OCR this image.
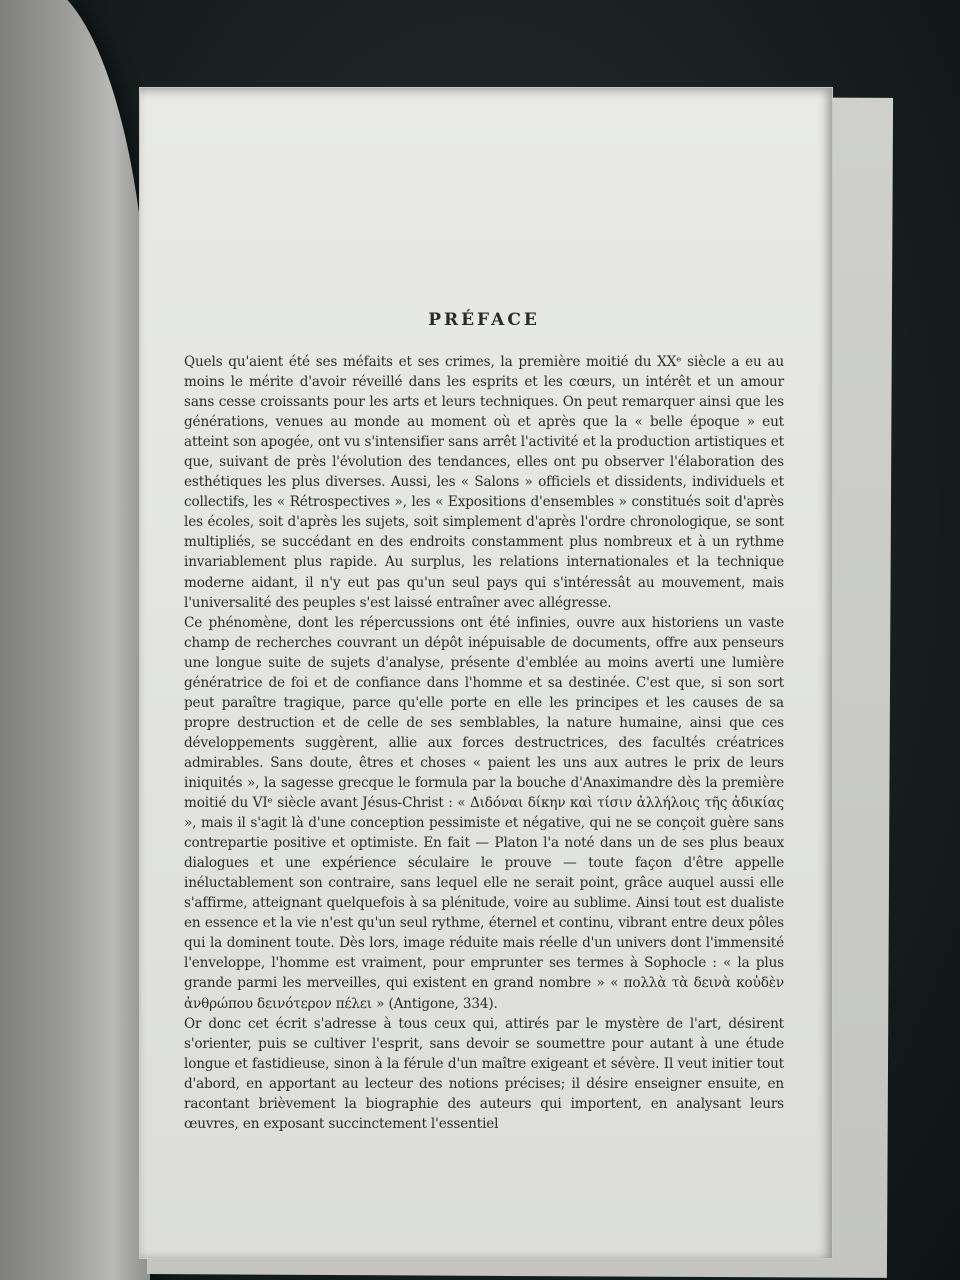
PRÉFACE

Quels qu'aient été ses méfaits et ses crimes, la première moitié du XXᵉ siècle a eu au moins le mérite d'avoir réveillé dans les esprits et les cœurs, un intérêt et un amour sans cesse croissants pour les arts et leurs techniques. On peut remarquer ainsi que les générations, venues au monde au moment où et après que la « belle époque » eut atteint son apogée, ont vu s'intensifier sans arrêt l'activité et la production artistiques et que, suivant de près l'évolution des tendances, elles ont pu observer l'élaboration des esthétiques les plus diverses. Aussi, les « Salons » officiels et dissidents, individuels et collectifs, les « Rétrospectives », les « Expositions d'ensembles » constitués soit d'après les écoles, soit d'après les sujets, soit simplement d'après l'ordre chronologique, se sont multipliés, se succédant en des endroits constamment plus nombreux et à un rythme invariablement plus rapide. Au surplus, les relations internationales et la technique moderne aidant, il n'y eut pas qu'un seul pays qui s'intéressât au mouvement, mais l'universalité des peuples s'est laissé entraîner avec allégresse.

Ce phénomène, dont les répercussions ont été infinies, ouvre aux historiens un vaste champ de recherches couvrant un dépôt inépuisable de documents, offre aux penseurs une longue suite de sujets d'analyse, présente d'emblée au moins averti une lumière génératrice de foi et de confiance dans l'homme et sa destinée. C'est que, si son sort peut paraître tragique, parce qu'elle porte en elle les principes et les causes de sa propre destruction et de celle de ses semblables, la nature humaine, ainsi que ces développements suggèrent, allie aux forces destructrices, des facultés créatrices admirables. Sans doute, êtres et choses « paient les uns aux autres le prix de leurs iniquités », la sagesse grecque le formula par la bouche d'Anaximandre dès la première moitié du VIᵉ siècle avant Jésus-Christ : « Διδόναι δίκην καὶ τίσιν ἀλλήλοις τῆς ἀδικίας », mais il s'agit là d'une conception pessimiste et négative, qui ne se conçoit guère sans contrepartie positive et optimiste. En fait — Platon l'a noté dans un de ses plus beaux dialogues et une expérience séculaire le prouve — toute façon d'être appelle inéluctablement son contraire, sans lequel elle ne serait point, grâce auquel aussi elle s'affirme, atteignant quelquefois à sa plénitude, voire au sublime. Ainsi tout est dualiste en essence et la vie n'est qu'un seul rythme, éternel et continu, vibrant entre deux pôles qui la dominent toute. Dès lors, image réduite mais réelle d'un univers dont l'immensité l'enveloppe, l'homme est vraiment, pour emprunter ses termes à Sophocle : « la plus grande parmi les merveilles, qui existent en grand nombre » « πολλὰ τὰ δεινὰ κοὐδὲν ἀνθρώπου δεινότερον πέλει » (Antigone, 334).

Or donc cet écrit s'adresse à tous ceux qui, attirés par le mystère de l'art, désirent s'orienter, puis se cultiver l'esprit, sans devoir se soumettre pour autant à une étude longue et fastidieuse, sinon à la férule d'un maître exigeant et sévère. Il veut initier tout d'abord, en apportant au lecteur des notions précises; il désire enseigner ensuite, en racontant brièvement la biographie des auteurs qui importent, en analysant leurs œuvres, en exposant succinctement l'essentiel
